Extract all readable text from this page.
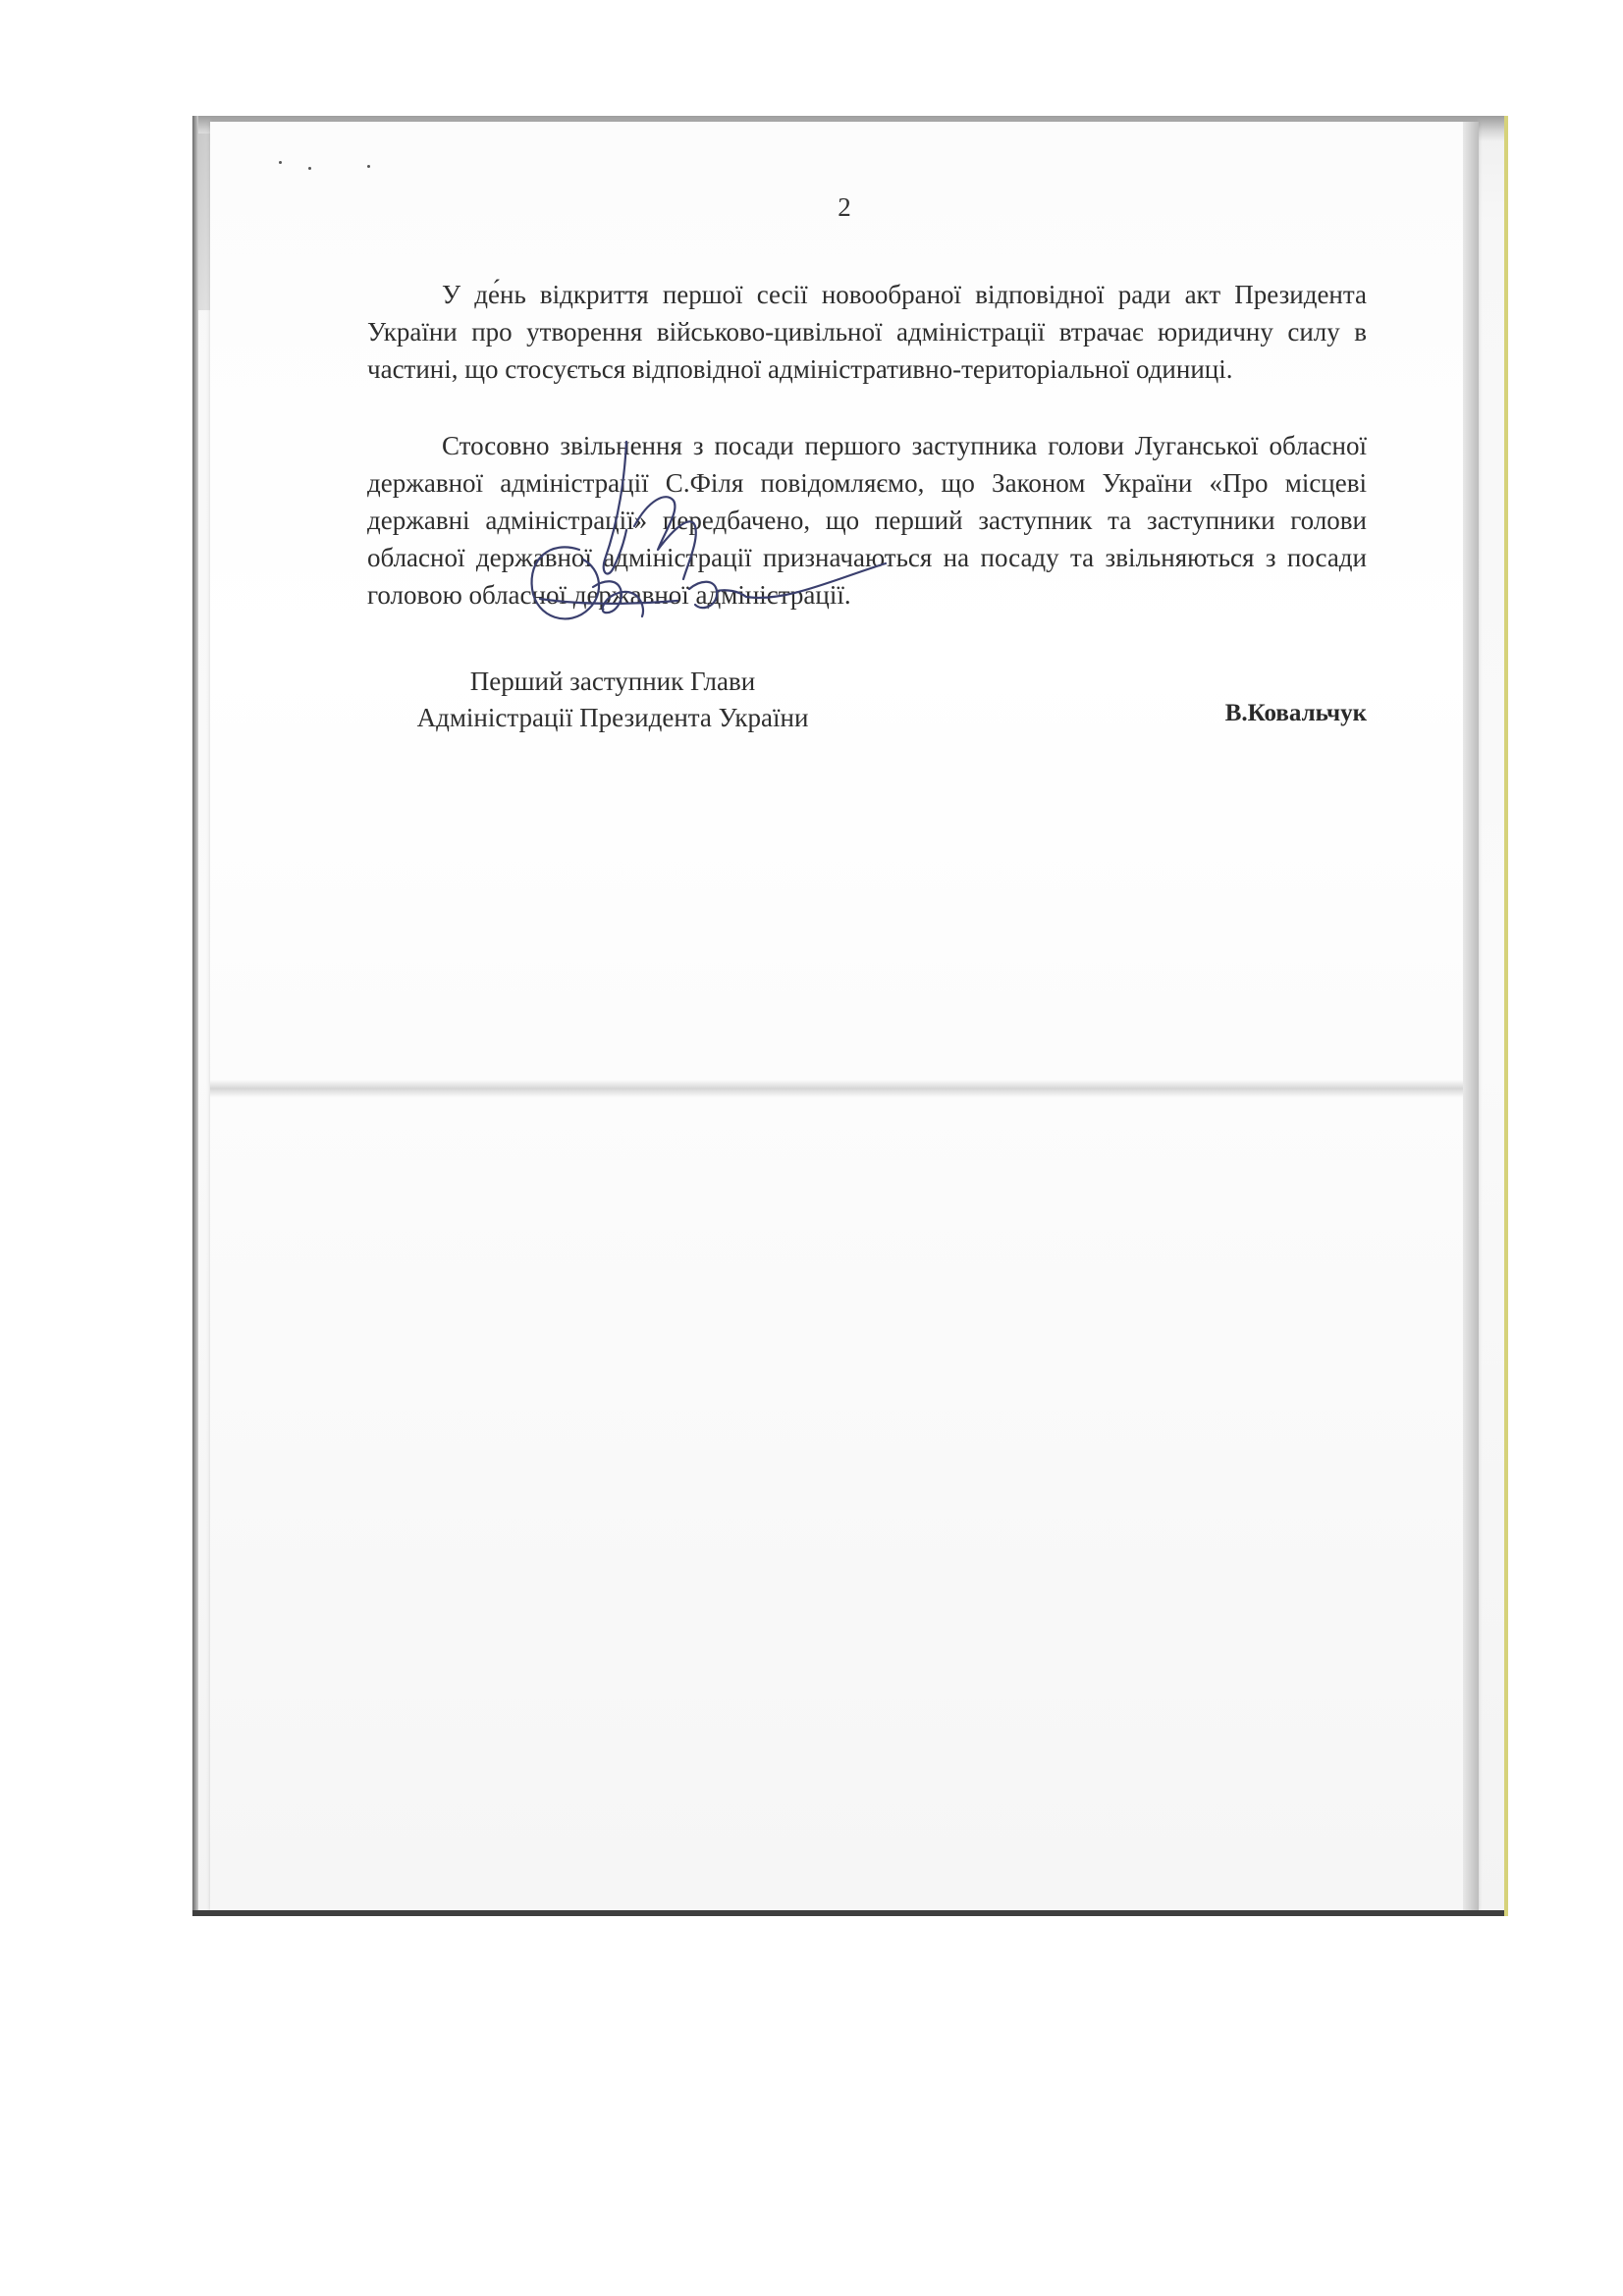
2

У де́нь відкриття першої сесії новообраної відповідної ради акт Президента України про утворення військово-цивільної адміністрації втрачає юридичну силу в частині, що стосується відповідної адміністративно-територіальної одиниці.

Стосовно звільнення з посади першого заступника голови Луганської обласної державної адміністрації С.Філя повідомляємо, що Законом України «Про місцеві державні адміністрації» передбачено, що перший заступник та заступники голови обласної державної адміністрації призначаються на посаду та звільняються з посади головою обласної державної адміністрації.

Перший заступник Глави
Адміністрації Президента України	В.Ковальчук
